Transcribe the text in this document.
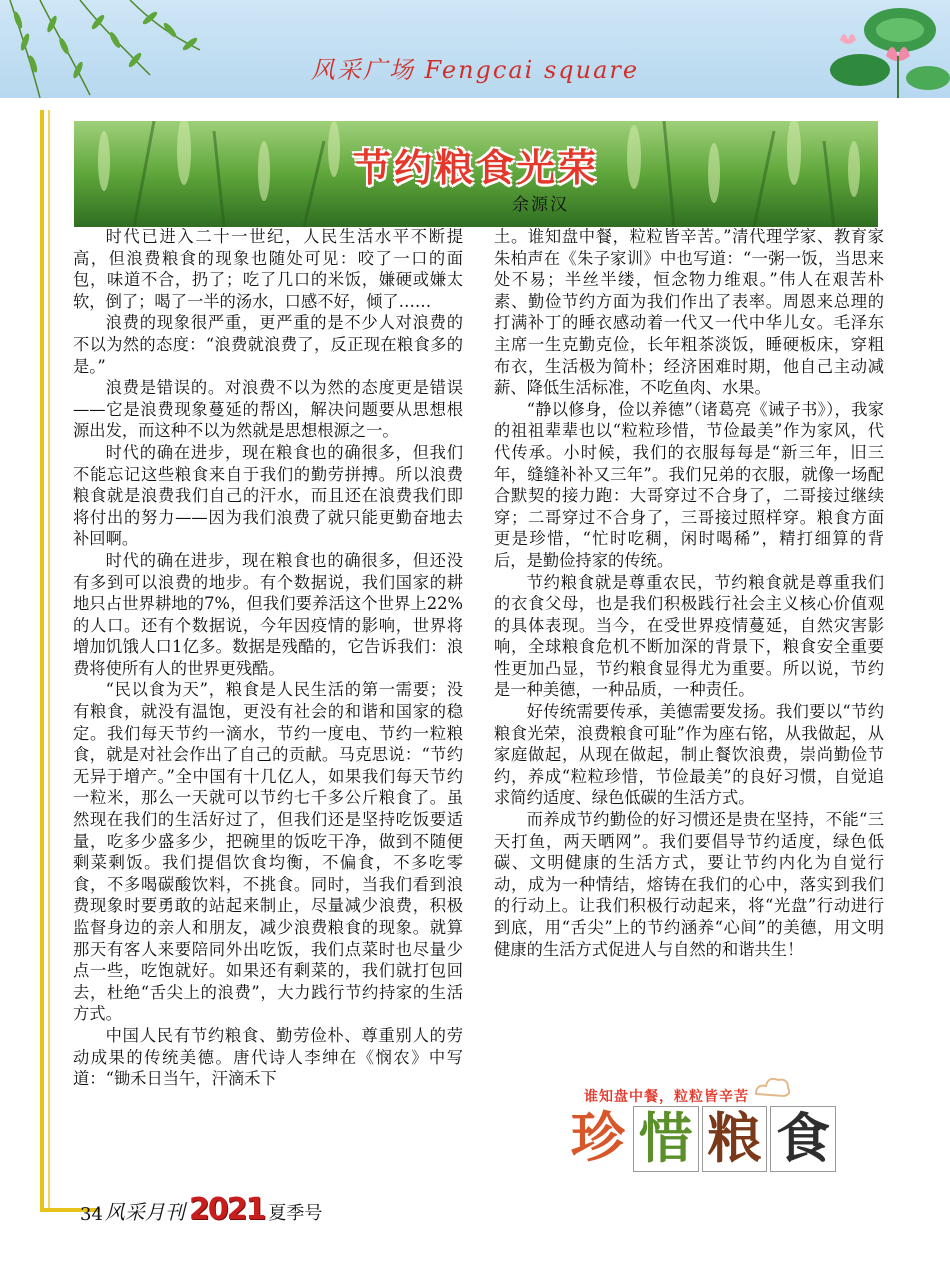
风采广场 Fengcai square
节约粮食光荣
余源汉

时代已进入二十一世纪，人民生活水平不断提高，但浪费粮食的现象也随处可见：咬了一口的面包，味道不合，扔了；吃了几口的米饭，嫌硬或嫌太软，倒了；喝了一半的汤水，口感不好，倾了……

浪费的现象很严重，更严重的是不少人对浪费的不以为然的态度：“浪费就浪费了，反正现在粮食多的是。”

浪费是错误的。对浪费不以为然的态度更是错误——它是浪费现象蔓延的帮凶，解决问题要从思想根源出发，而这种不以为然就是思想根源之一。

时代的确在进步，现在粮食也的确很多，但我们不能忘记这些粮食来自于我们的勤劳拼搏。所以浪费粮食就是浪费我们自己的汗水，而且还在浪费我们即将付出的努力——因为我们浪费了就只能更勤奋地去补回啊。

时代的确在进步，现在粮食也的确很多，但还没有多到可以浪费的地步。有个数据说，我们国家的耕地只占世界耕地的7%，但我们要养活这个世界上22%的人口。还有个数据说，今年因疫情的影响，世界将增加饥饿人口1亿多。数据是残酷的，它告诉我们：浪费将使所有人的世界更残酷。

“民以食为天”，粮食是人民生活的第一需要；没有粮食，就没有温饱，更没有社会的和谐和国家的稳定。我们每天节约一滴水，节约一度电、节约一粒粮食，就是对社会作出了自己的贡献。马克思说：“节约无异于增产。”全中国有十几亿人，如果我们每天节约一粒米，那么一天就可以节约七千多公斤粮食了。虽然现在我们的生活好过了，但我们还是坚持吃饭要适量，吃多少盛多少，把碗里的饭吃干净，做到不随便剩菜剩饭。我们提倡饮食均衡，不偏食，不多吃零食，不多喝碳酸饮料，不挑食。同时，当我们看到浪费现象时要勇敢的站起来制止，尽量减少浪费，积极监督身边的亲人和朋友，减少浪费粮食的现象。就算那天有客人来要陪同外出吃饭，我们点菜时也尽量少点一些，吃饱就好。如果还有剩菜的，我们就打包回去，杜绝“舌尖上的浪费”，大力践行节约持家的生活方式。

中国人民有节约粮食、勤劳俭朴、尊重别人的劳动成果的传统美德。唐代诗人李绅在《悯农》中写道：“锄禾日当午，汗滴禾下

土。谁知盘中餐，粒粒皆辛苦。”清代理学家、教育家朱柏声在《朱子家训》中也写道：“一粥一饭，当思来处不易；半丝半缕，恒念物力维艰。”伟人在艰苦朴素、勤俭节约方面为我们作出了表率。周恩来总理的打满补丁的睡衣感动着一代又一代中华儿女。毛泽东主席一生克勤克俭，长年粗茶淡饭，睡硬板床，穿粗布衣，生活极为简朴；经济困难时期，他自己主动减薪、降低生活标准，不吃鱼肉、水果。

“静以修身，俭以养德”（诸葛亮《诫子书》），我家的祖祖辈辈也以“粒粒珍惜，节俭最美”作为家风，代代传承。小时候，我们的衣服每每是“新三年，旧三年，缝缝补补又三年”。我们兄弟的衣服，就像一场配合默契的接力跑：大哥穿过不合身了，二哥接过继续穿；二哥穿过不合身了，三哥接过照样穿。粮食方面更是珍惜，“忙时吃稠，闲时喝稀”，精打细算的背后，是勤俭持家的传统。

节约粮食就是尊重农民，节约粮食就是尊重我们的衣食父母，也是我们积极践行社会主义核心价值观的具体表现。当今，在受世界疫情蔓延，自然灾害影响，全球粮食危机不断加深的背景下，粮食安全重要性更加凸显，节约粮食显得尤为重要。所以说，节约是一种美德，一种品质，一种责任。

好传统需要传承，美德需要发扬。我们要以“节约粮食光荣，浪费粮食可耻”作为座右铭，从我做起，从家庭做起，从现在做起，制止餐饮浪费，崇尚勤俭节约，养成“粒粒珍惜，节俭最美”的良好习惯，自觉追求简约适度、绿色低碳的生活方式。

而养成节约勤俭的好习惯还是贵在坚持，不能“三天打鱼，两天晒网”。我们要倡导节约适度，绿色低碳、文明健康的生活方式，要让节约内化为自觉行动，成为一种情结，熔铸在我们的心中，落实到我们的行动上。让我们积极行动起来，将“光盘”行动进行到底，用“舌尖”上的节约涵养“心间”的美德，用文明健康的生活方式促进人与自然的和谐共生！

谁知盘中餐，粒粒皆辛苦
珍 惜 粮 食
34 风采月刊 2021 夏季号
